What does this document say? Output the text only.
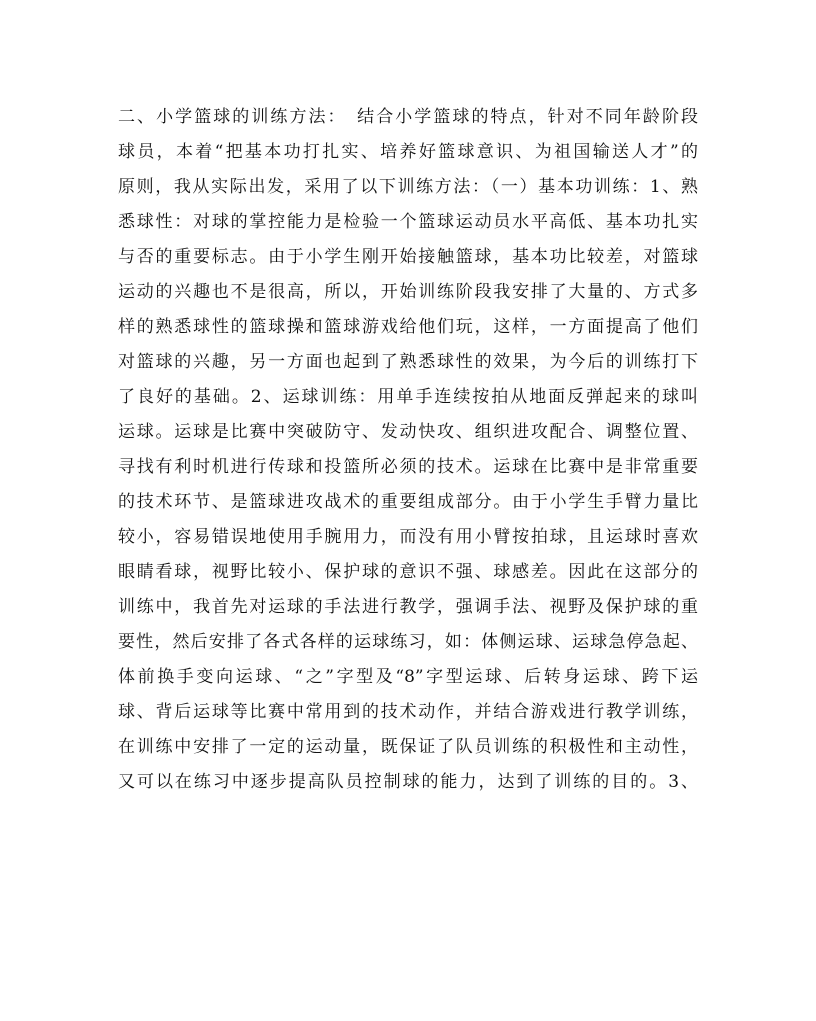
二、小学篮球的训练方法：　结合小学篮球的特点，针对不同年龄阶段
球员，本着“把基本功打扎实、培养好篮球意识、为祖国输送人才”的
原则，我从实际出发，采用了以下训练方法：（一）基本功训练：1、熟
悉球性：对球的掌控能力是检验一个篮球运动员水平高低、基本功扎实
与否的重要标志。由于小学生刚开始接触篮球，基本功比较差，对篮球
运动的兴趣也不是很高，所以，开始训练阶段我安排了大量的、方式多
样的熟悉球性的篮球操和篮球游戏给他们玩，这样，一方面提高了他们
对篮球的兴趣，另一方面也起到了熟悉球性的效果，为今后的训练打下
了良好的基础。2、运球训练：用单手连续按拍从地面反弹起来的球叫
运球。运球是比赛中突破防守、发动快攻、组织进攻配合、调整位置、
寻找有利时机进行传球和投篮所必须的技术。运球在比赛中是非常重要
的技术环节、是篮球进攻战术的重要组成部分。由于小学生手臂力量比
较小，容易错误地使用手腕用力，而没有用小臂按拍球，且运球时喜欢
眼睛看球，视野比较小、保护球的意识不强、球感差。因此在这部分的
训练中，我首先对运球的手法进行教学，强调手法、视野及保护球的重
要性，然后安排了各式各样的运球练习，如：体侧运球、运球急停急起、
体前换手变向运球、“之”字型及“8”字型运球、后转身运球、跨下运
球、背后运球等比赛中常用到的技术动作，并结合游戏进行教学训练，
在训练中安排了一定的运动量，既保证了队员训练的积极性和主动性，
又可以在练习中逐步提高队员控制球的能力，达到了训练的目的。3、
